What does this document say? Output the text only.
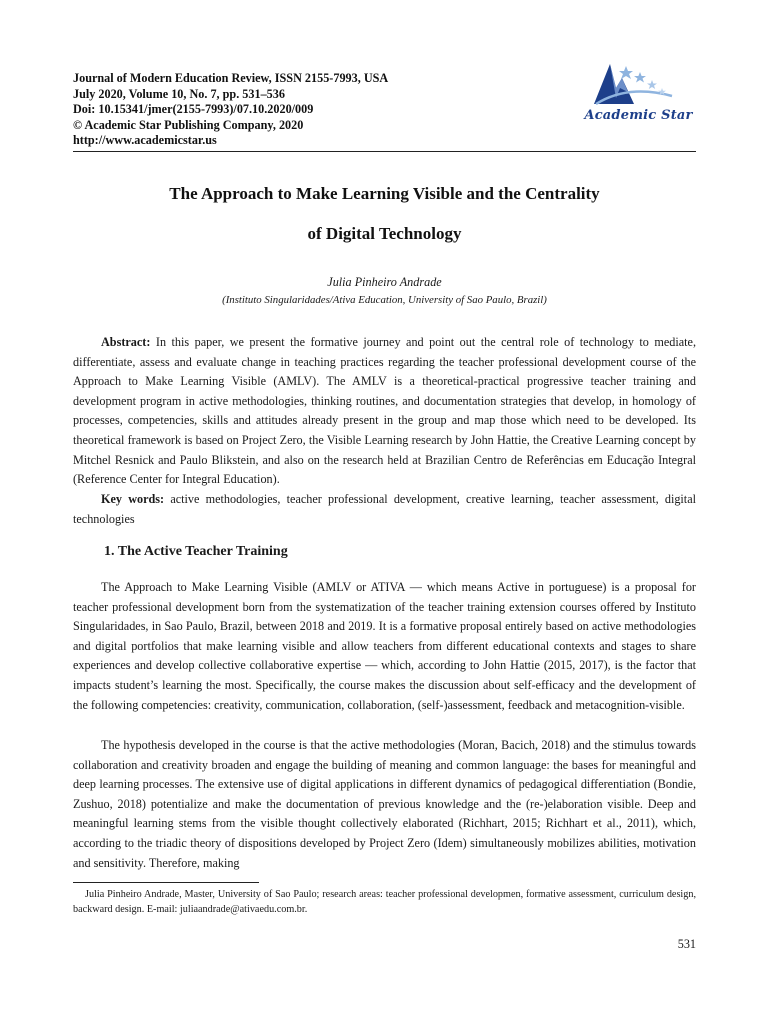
Journal of Modern Education Review, ISSN 2155-7993, USA
July 2020, Volume 10, No. 7, pp. 531–536
Doi: 10.15341/jmer(2155-7993)/07.10.2020/009
© Academic Star Publishing Company, 2020
http://www.academicstar.us
Academic Star
The Approach to Make Learning Visible and the Centrality
of Digital Technology
Julia Pinheiro Andrade
(Instituto Singularidades/Ativa Education, University of Sao Paulo, Brazil)

Abstract: In this paper, we present the formative journey and point out the central role of technology to mediate, differentiate, assess and evaluate change in teaching practices regarding the teacher professional development course of the Approach to Make Learning Visible (AMLV). The AMLV is a theoretical-practical progressive teacher training and development program in active methodologies, thinking routines, and documentation strategies that develop, in homology of processes, competencies, skills and attitudes already present in the group and map those which need to be developed. Its theoretical framework is based on Project Zero, the Visible Learning research by John Hattie, the Creative Learning concept by Mitchel Resnick and Paulo Blikstein, and also on the research held at Brazilian Centro de Referências em Educação Integral (Reference Center for Integral Education).

Key words: active methodologies, teacher professional development, creative learning, teacher assessment, digital technologies

1. The Active Teacher Training

The Approach to Make Learning Visible (AMLV or ATIVA — which means Active in portuguese) is a proposal for teacher professional development born from the systematization of the teacher training extension courses offered by Instituto Singularidades, in Sao Paulo, Brazil, between 2018 and 2019. It is a formative proposal entirely based on active methodologies and digital portfolios that make learning visible and allow teachers from different educational contexts and stages to share experiences and develop collective collaborative expertise — which, according to John Hattie (2015, 2017), is the factor that impacts student’s learning the most. Specifically, the course makes the discussion about self-efficacy and the development of the following competencies: creativity, communication, collaboration, (self-)assessment, feedback and metacognition-visible.

The hypothesis developed in the course is that the active methodologies (Moran, Bacich, 2018) and the stimulus towards collaboration and creativity broaden and engage the building of meaning and common language: the bases for meaningful and deep learning processes. The extensive use of digital applications in different dynamics of pedagogical differentiation (Bondie, Zushuo, 2018) potentialize and make the documentation of previous knowledge and the (re-)elaboration visible. Deep and meaningful learning stems from the visible thought collectively elaborated (Richhart, 2015; Richhart et al., 2011), which, according to the triadic theory of dispositions developed by Project Zero (Idem) simultaneously mobilizes abilities, motivation and sensitivity. Therefore, making

Julia Pinheiro Andrade, Master, University of Sao Paulo; research areas: teacher professional developmen, formative assessment, curriculum design, backward design. E-mail: juliaandrade@ativaedu.com.br.

531
